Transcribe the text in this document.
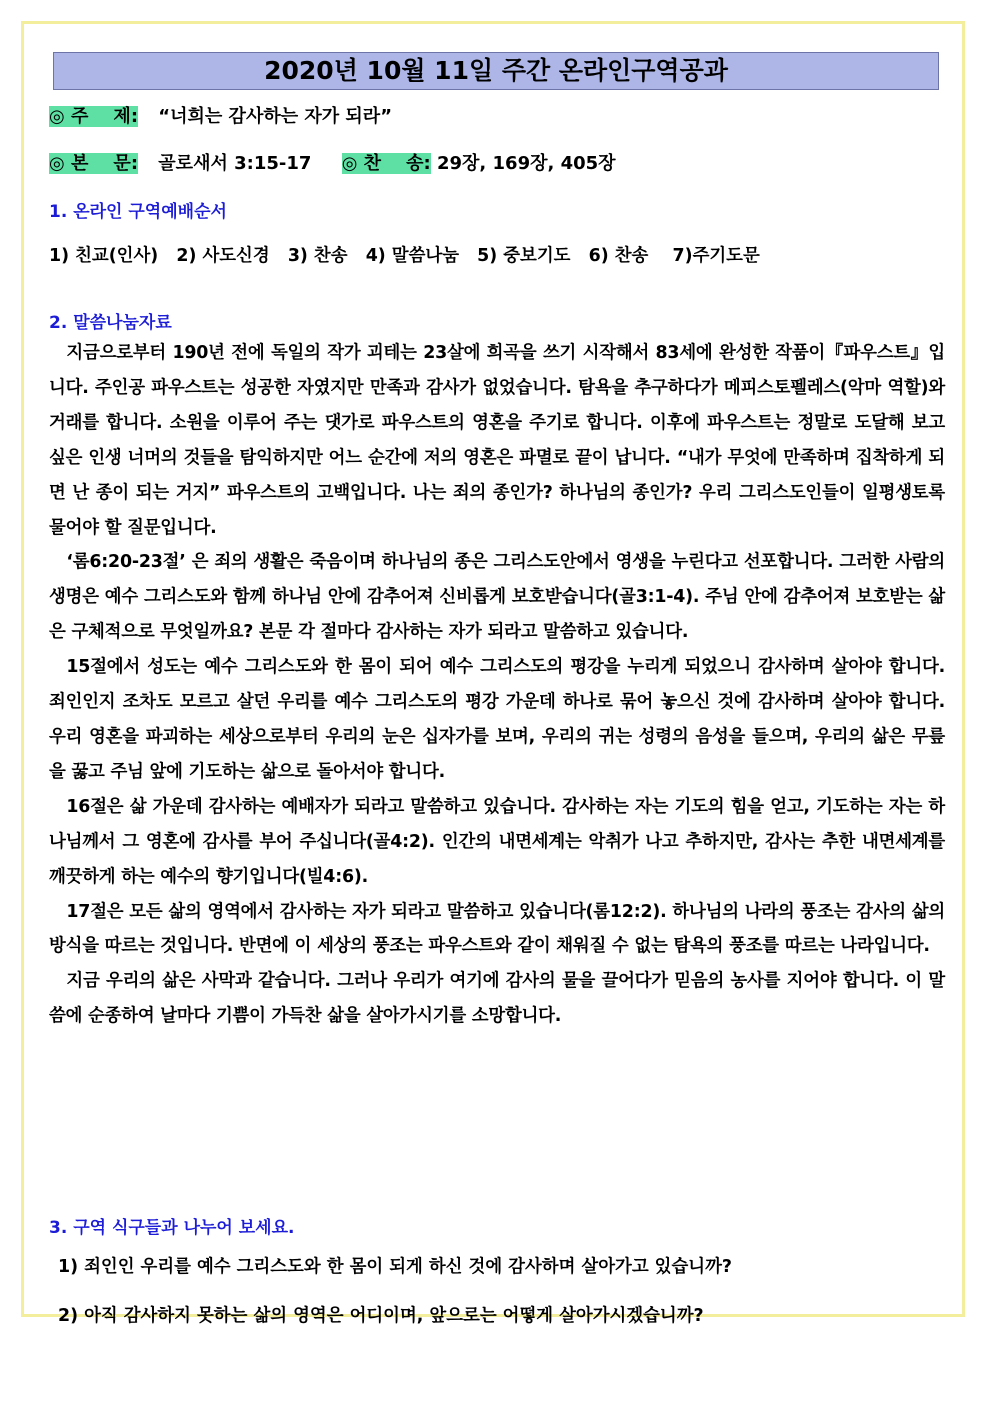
2020년 10월 11일 주간 온라인구역공과
◎ 주    제: “너희는 감사하는 자가 되라”
◎ 본    문: 골로새서 3:15-17 ◎ 찬    송: 29장, 169장, 405장
1. 온라인 구역예배순서
1) 친교(인사)   2) 사도신경   3) 찬송   4) 말씀나눔   5) 중보기도   6) 찬송    7)주기도문
2. 말씀나눔자료
지금으로부터 190년 전에 독일의 작가 괴테는 23살에 희곡을 쓰기 시작해서 83세에 완성한 작품이『파우스트』입니다. 주인공 파우스트는 성공한 자였지만 만족과 감사가 없었습니다. 탐욕을 추구하다가 메피스토펠레스(악마 역할)와 거래를 합니다. 소원을 이루어 주는 댓가로 파우스트의 영혼을 주기로 합니다. 이후에 파우스트는 정말로 도달해 보고 싶은 인생 너머의 것들을 탐익하지만 어느 순간에 저의 영혼은 파멸로 끝이 납니다. “내가 무엇에 만족하며 집착하게 되면 난 종이 되는 거지” 파우스트의 고백입니다. 나는 죄의 종인가? 하나님의 종인가? 우리 그리스도인들이 일평생토록 물어야 할 질문입니다.
‘롬6:20-23절’ 은 죄의 생활은 죽음이며 하나님의 종은 그리스도안에서 영생을 누린다고 선포합니다. 그러한 사람의 생명은 예수 그리스도와 함께 하나님 안에 감추어져 신비롭게 보호받습니다(골3:1-4). 주님 안에 감추어져 보호받는 삶은 구체적으로 무엇일까요? 본문 각 절마다 감사하는 자가 되라고 말씀하고 있습니다.
15절에서 성도는 예수 그리스도와 한 몸이 되어 예수 그리스도의 평강을 누리게 되었으니 감사하며 살아야 합니다. 죄인인지 조차도 모르고 살던 우리를 예수 그리스도의 평강 가운데 하나로 묶어 놓으신 것에 감사하며 살아야 합니다. 우리 영혼을 파괴하는 세상으로부터 우리의 눈은 십자가를 보며, 우리의 귀는 성령의 음성을 들으며, 우리의 삶은 무릎을 꿇고 주님 앞에 기도하는 삶으로 돌아서야 합니다.
16절은 삶 가운데 감사하는 예배자가 되라고 말씀하고 있습니다. 감사하는 자는 기도의 힘을 얻고, 기도하는 자는 하나님께서 그 영혼에 감사를 부어 주십니다(골4:2). 인간의 내면세계는 악취가 나고 추하지만, 감사는 추한 내면세계를 깨끗하게 하는 예수의 향기입니다(빌4:6).
17절은 모든 삶의 영역에서 감사하는 자가 되라고 말씀하고 있습니다(롬12:2). 하나님의 나라의 풍조는 감사의 삶의 방식을 따르는 것입니다. 반면에 이 세상의 풍조는 파우스트와 같이 채워질 수 없는 탐욕의 풍조를 따르는 나라입니다.
지금 우리의 삶은 사막과 같습니다. 그러나 우리가 여기에 감사의 물을 끌어다가 믿음의 농사를 지어야 합니다. 이 말씀에 순종하여 날마다 기쁨이 가득찬 삶을 살아가시기를 소망합니다.
3. 구역 식구들과 나누어 보세요.
1) 죄인인 우리를 예수 그리스도와 한 몸이 되게 하신 것에 감사하며 살아가고 있습니까?
2) 아직 감사하지 못하는 삶의 영역은 어디이며, 앞으로는 어떻게 살아가시겠습니까?
